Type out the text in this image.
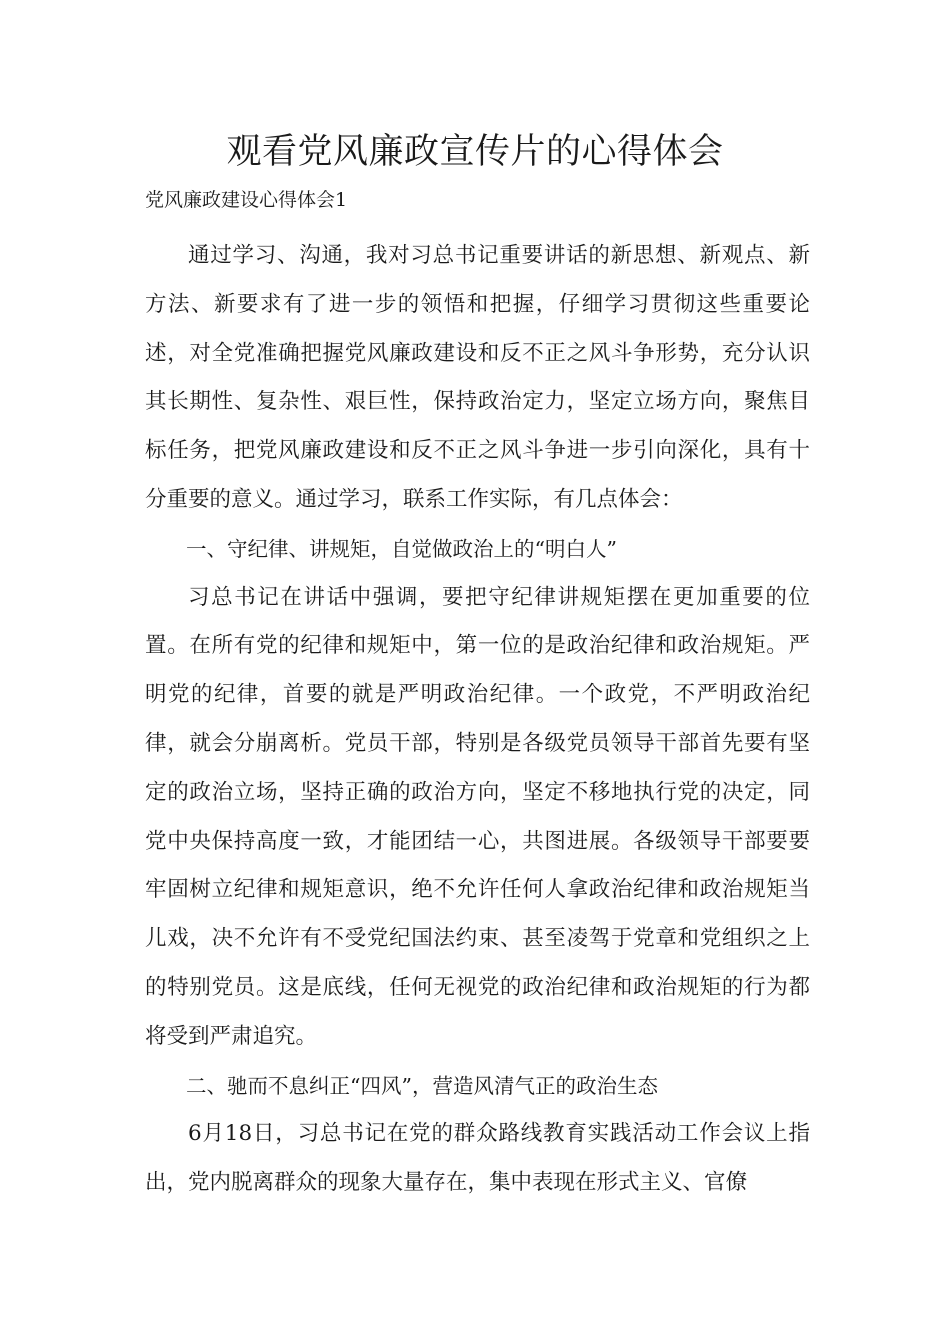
观看党风廉政宣传片的心得体会

党风廉政建设心得体会1

通过学习、沟通，我对习总书记重要讲话的新思想、新观点、新方法、新要求有了进一步的领悟和把握，仔细学习贯彻这些重要论述，对全党准确把握党风廉政建设和反不正之风斗争形势，充分认识其长期性、复杂性、艰巨性，保持政治定力，坚定立场方向，聚焦目标任务，把党风廉政建设和反不正之风斗争进一步引向深化，具有十分重要的意义。通过学习，联系工作实际，有几点体会：

一、守纪律、讲规矩，自觉做政治上的“明白人”

习总书记在讲话中强调，要把守纪律讲规矩摆在更加重要的位置。在所有党的纪律和规矩中，第一位的是政治纪律和政治规矩。严明党的纪律，首要的就是严明政治纪律。一个政党，不严明政治纪律，就会分崩离析。党员干部，特别是各级党员领导干部首先要有坚定的政治立场，坚持正确的政治方向，坚定不移地执行党的决定，同党中央保持高度一致，才能团结一心，共图进展。各级领导干部要要牢固树立纪律和规矩意识，绝不允许任何人拿政治纪律和政治规矩当儿戏，决不允许有不受党纪国法约束、甚至凌驾于党章和党组织之上的特别党员。这是底线，任何无视党的政治纪律和政治规矩的行为都将受到严肃追究。

二、驰而不息纠正“四风”，营造风清气正的政治生态

6月18日，习总书记在党的群众路线教育实践活动工作会议上指出，党内脱离群众的现象大量存在，集中表现在形式主义、官僚
